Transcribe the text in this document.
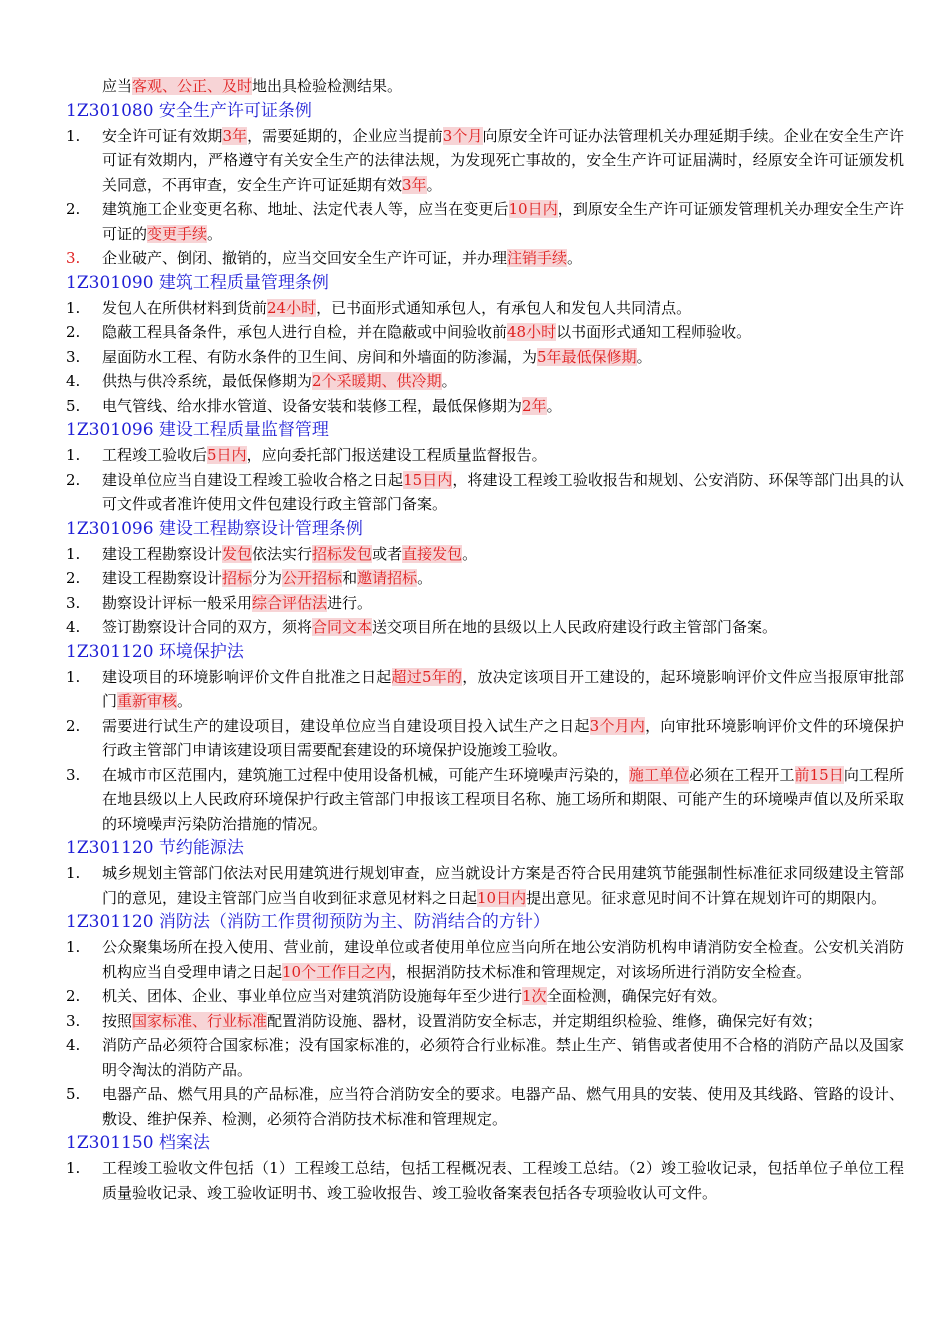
应当客观、公正、及时地出具检验检测结果。
1Z301080 安全生产许可证条例
1.	安全许可证有效期3年，需要延期的，企业应当提前3个月向原安全许可证办法管理机关办理延期手续。企业在安全生产许可证有效期内，严格遵守有关安全生产的法律法规，为发现死亡事故的，安全生产许可证届满时，经原安全许可证颁发机关同意，不再审查，安全生产许可证延期有效3年。
2.	建筑施工企业变更名称、地址、法定代表人等，应当在变更后10日内，到原安全生产许可证颁发管理机关办理安全生产许可证的变更手续。
3.	企业破产、倒闭、撤销的，应当交回安全生产许可证，并办理注销手续。
1Z301090 建筑工程质量管理条例
1.	发包人在所供材料到货前24小时，已书面形式通知承包人，有承包人和发包人共同清点。
2.	隐蔽工程具备条件，承包人进行自检，并在隐蔽或中间验收前48小时以书面形式通知工程师验收。
3.	屋面防水工程、有防水条件的卫生间、房间和外墙面的防渗漏，为5年最低保修期。
4.	供热与供冷系统，最低保修期为2个采暖期、供冷期。
5.	电气管线、给水排水管道、设备安装和装修工程，最低保修期为2年。
1Z301096 建设工程质量监督管理
1.	工程竣工验收后5日内，应向委托部门报送建设工程质量监督报告。
2.	建设单位应当自建设工程竣工验收合格之日起15日内，将建设工程竣工验收报告和规划、公安消防、环保等部门出具的认可文件或者准许使用文件包建设行政主管部门备案。
1Z301096 建设工程勘察设计管理条例
1.	建设工程勘察设计发包依法实行招标发包或者直接发包。
2.	建设工程勘察设计招标分为公开招标和邀请招标。
3.	勘察设计评标一般采用综合评估法进行。
4.	签订勘察设计合同的双方，须将合同文本送交项目所在地的县级以上人民政府建设行政主管部门备案。
1Z301120 环境保护法
1.	建设项目的环境影响评价文件自批准之日起超过5年的，放决定该项目开工建设的，起环境影响评价文件应当报原审批部门重新审核。
2.	需要进行试生产的建设项目，建设单位应当自建设项目投入试生产之日起3个月内，向审批环境影响评价文件的环境保护行政主管部门申请该建设项目需要配套建设的环境保护设施竣工验收。
3.	在城市市区范围内，建筑施工过程中使用设备机械，可能产生环境噪声污染的，施工单位必须在工程开工前15日向工程所在地县级以上人民政府环境保护行政主管部门申报该工程项目名称、施工场所和期限、可能产生的环境噪声值以及所采取的环境噪声污染防治措施的情况。
1Z301120 节约能源法
1.	城乡规划主管部门依法对民用建筑进行规划审查，应当就设计方案是否符合民用建筑节能强制性标准征求同级建设主管部门的意见，建设主管部门应当自收到征求意见材料之日起10日内提出意见。征求意见时间不计算在规划许可的期限内。
1Z301120 消防法（消防工作贯彻预防为主、防消结合的方针）
1.	公众聚集场所在投入使用、营业前，建设单位或者使用单位应当向所在地公安消防机构申请消防安全检查。公安机关消防机构应当自受理申请之日起10个工作日之内，根据消防技术标准和管理规定，对该场所进行消防安全检查。
2.	机关、团体、企业、事业单位应当对建筑消防设施每年至少进行1次全面检测，确保完好有效。
3.	按照国家标准、行业标准配置消防设施、器材，设置消防安全标志，并定期组织检验、维修，确保完好有效；
4.	消防产品必须符合国家标准；没有国家标准的，必须符合行业标准。禁止生产、销售或者使用不合格的消防产品以及国家明令淘汰的消防产品。
5.	电器产品、燃气用具的产品标准，应当符合消防安全的要求。电器产品、燃气用具的安装、使用及其线路、管路的设计、敷设、维护保养、检测，必须符合消防技术标准和管理规定。
1Z301150 档案法
1.	工程竣工验收文件包括（1）工程竣工总结，包括工程概况表、工程竣工总结。（2）竣工验收记录，包括单位子单位工程质量验收记录、竣工验收证明书、竣工验收报告、竣工验收备案表包括各专项验收认可文件。
